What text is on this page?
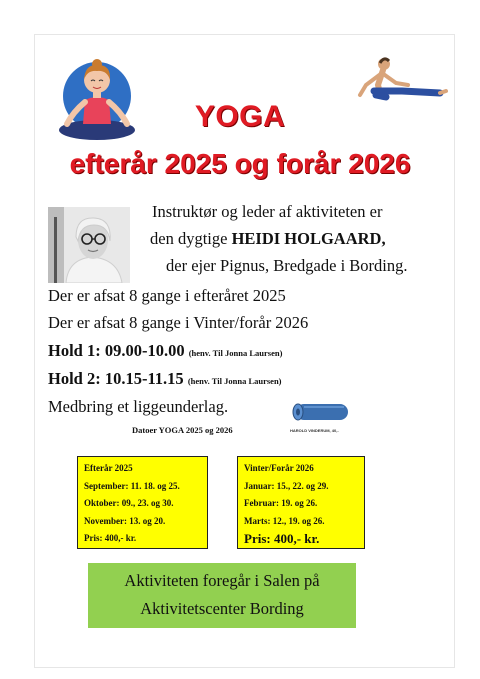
YOGA
efterår 2025 og forår 2026
Instruktør og leder af aktiviteten er
den dygtige HEIDI HOLGAARD,
der ejer Pignus, Bredgade i Bording.
Der er afsat 8 gange i efteråret 2025
Der er afsat 8 gange i Vinter/forår 2026
Hold 1: 09.00-10.00 (henv. Til Jonna Laursen)
Hold 2: 10.15-11.15 (henv. Til Jonna Laursen)
Medbring et liggeunderlag.
HAROLD VINDERUM, 40,-
Datoer YOGA 2025 og 2026
Efterår 2025
September: 11. 18. og 25.
Oktober: 09., 23. og 30.
November: 13. og 20.
Pris: 400,- kr.
Vinter/Forår 2026
Januar: 15., 22. og 29.
Februar: 19. og 26.
Marts: 12., 19. og 26.
Pris: 400,- kr.
Aktiviteten foregår i Salen på
Aktivitetscenter Bording
